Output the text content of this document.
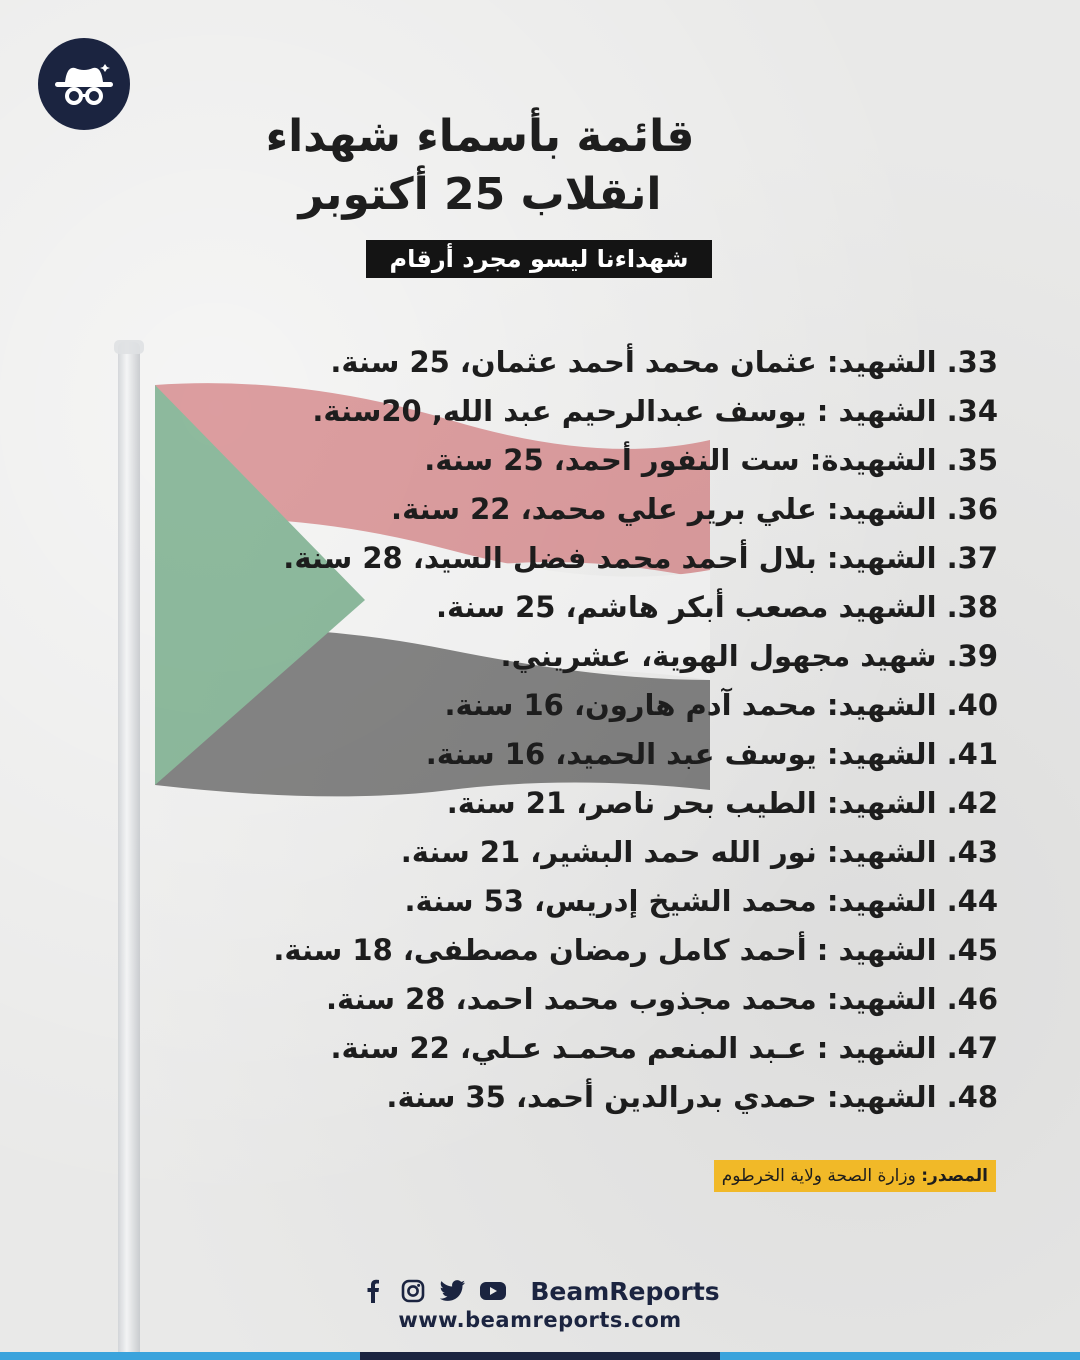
قائمة بأسماء شهداء
انقلاب 25 أكتوبر
شهداءنا ليسو مجرد أرقام
33. الشهيد: عثمان محمد أحمد عثمان، 25 سنة.
34. الشهيد : يوسف عبدالرحيم عبد الله, 20سنة.
35. الشهيدة: ست النفور أحمد، 25 سنة.
36. الشهيد: علي برير علي محمد، 22 سنة.
37. الشهيد: بلال أحمد محمد فضل السيد، 28 سنة.
38. الشهيد مصعب أبكر هاشم، 25 سنة.
39. شهيد مجهول الهوية، عشريني.
40. الشهيد: محمد آدم هارون، 16 سنة.
41. الشهيد: يوسف عبد الحميد، 16 سنة.
42. الشهيد: الطيب بحر ناصر، 21 سنة.
43. الشهيد: نور الله حمد البشير، 21 سنة.
44. الشهيد: محمد الشيخ إدريس، 53 سنة.
45. الشهيد : أحمد كامل رمضان مصطفى، 18 سنة.
46. الشهيد: محمد مجذوب محمد احمد، 28 سنة.
47. الشهيد : عـبد المنعم محمـد عـلي، 22 سنة.
48. الشهيد: حمدي بدرالدين أحمد، 35 سنة.
المصدر: وزارة الصحة ولاية الخرطوم
BeamReports
www.beamreports.com
